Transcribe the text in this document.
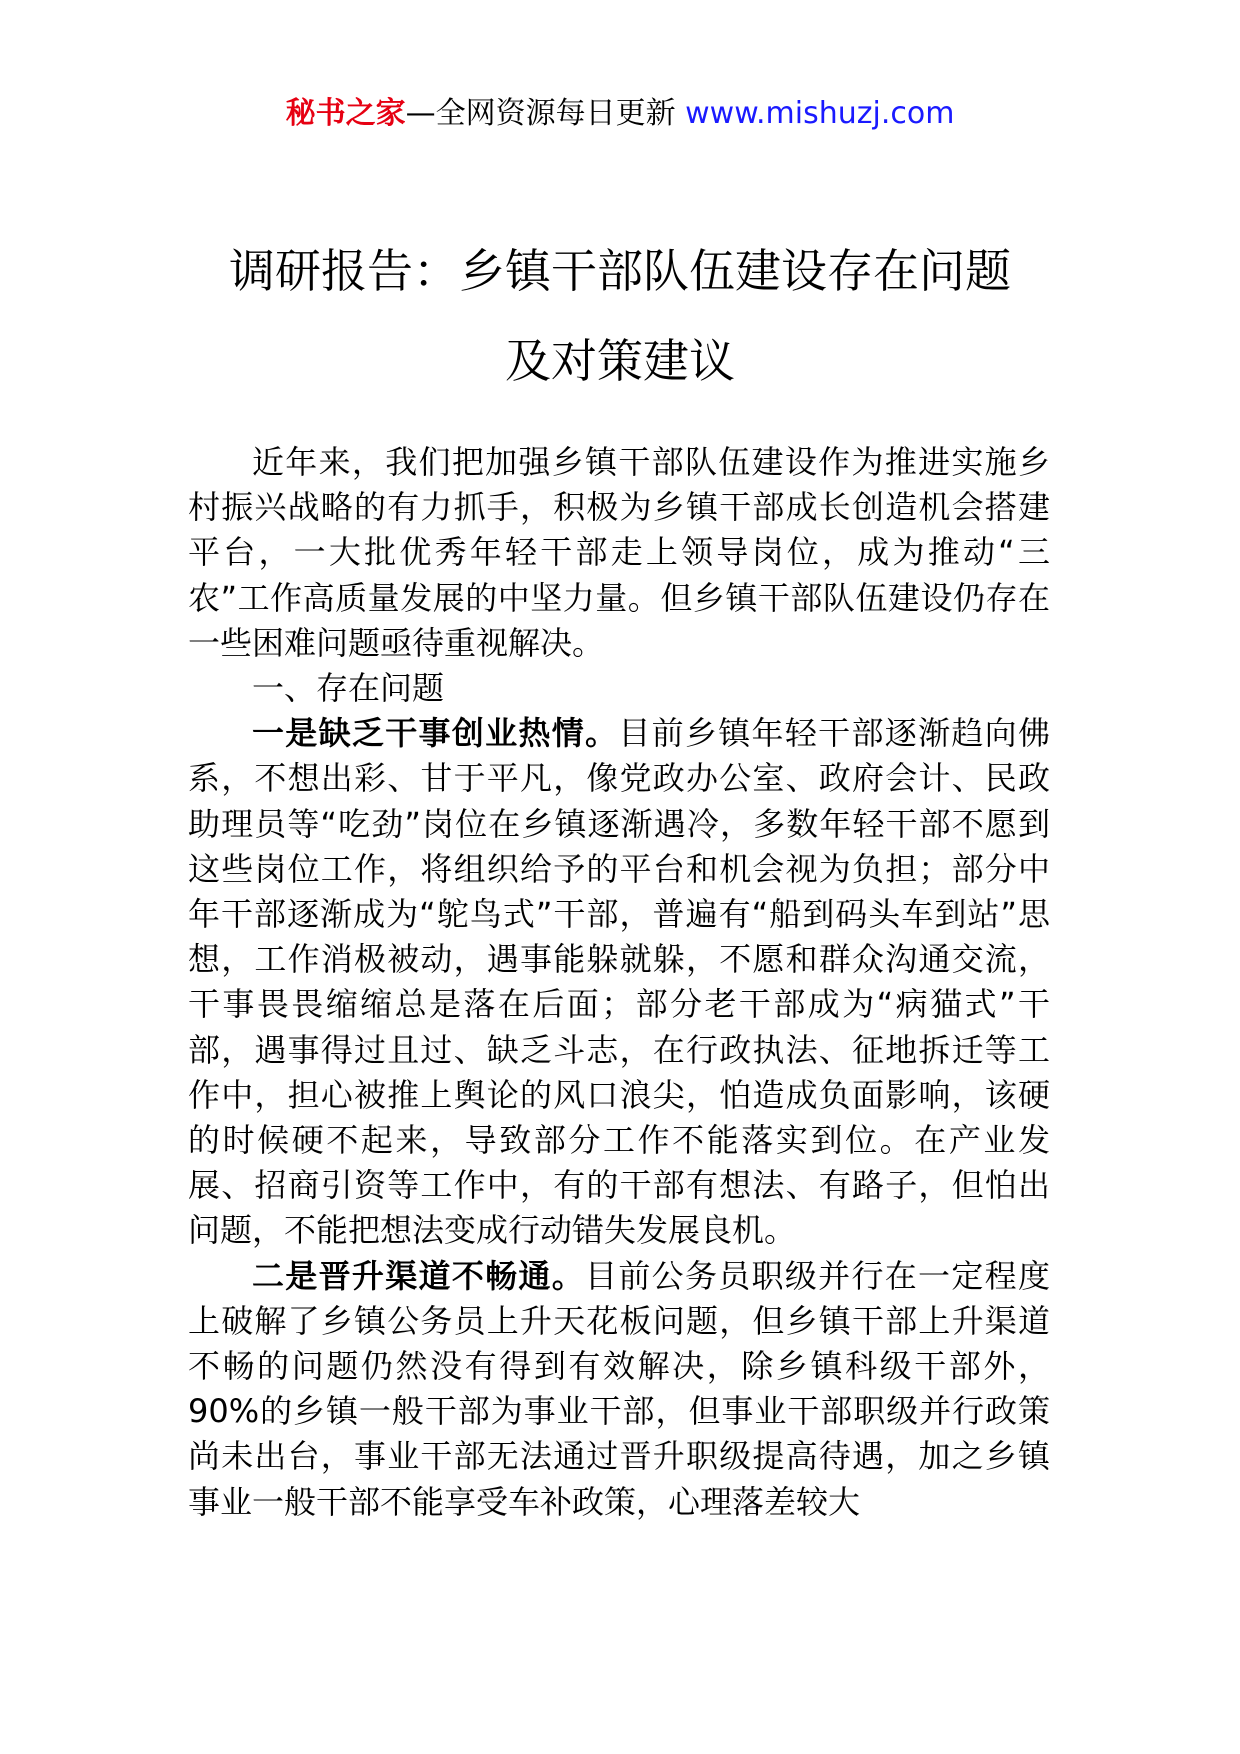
秘书之家—全网资源每日更新 www.mishuzj.com
调研报告：乡镇干部队伍建设存在问题
及对策建议

近年来，我们把加强乡镇干部队伍建设作为推进实施乡村振兴战略的有力抓手，积极为乡镇干部成长创造机会搭建平台，一大批优秀年轻干部走上领导岗位，成为推动“三农”工作高质量发展的中坚力量。但乡镇干部队伍建设仍存在一些困难问题亟待重视解决。

一、存在问题

一是缺乏干事创业热情。目前乡镇年轻干部逐渐趋向佛系，不想出彩、甘于平凡，像党政办公室、政府会计、民政助理员等“吃劲”岗位在乡镇逐渐遇冷，多数年轻干部不愿到这些岗位工作，将组织给予的平台和机会视为负担；部分中年干部逐渐成为“鸵鸟式”干部，普遍有“船到码头车到站”思想，工作消极被动，遇事能躲就躲，不愿和群众沟通交流，干事畏畏缩缩总是落在后面；部分老干部成为“病猫式”干部，遇事得过且过、缺乏斗志，在行政执法、征地拆迁等工作中，担心被推上舆论的风口浪尖，怕造成负面影响，该硬的时候硬不起来，导致部分工作不能落实到位。在产业发展、招商引资等工作中，有的干部有想法、有路子，但怕出问题，不能把想法变成行动错失发展良机。

二是晋升渠道不畅通。目前公务员职级并行在一定程度上破解了乡镇公务员上升天花板问题，但乡镇干部上升渠道不畅的问题仍然没有得到有效解决，除乡镇科级干部外，90%的乡镇一般干部为事业干部，但事业干部职级并行政策尚未出台，事业干部无法通过晋升职级提高待遇，加之乡镇事业一般干部不能享受车补政策，心理落差较大
